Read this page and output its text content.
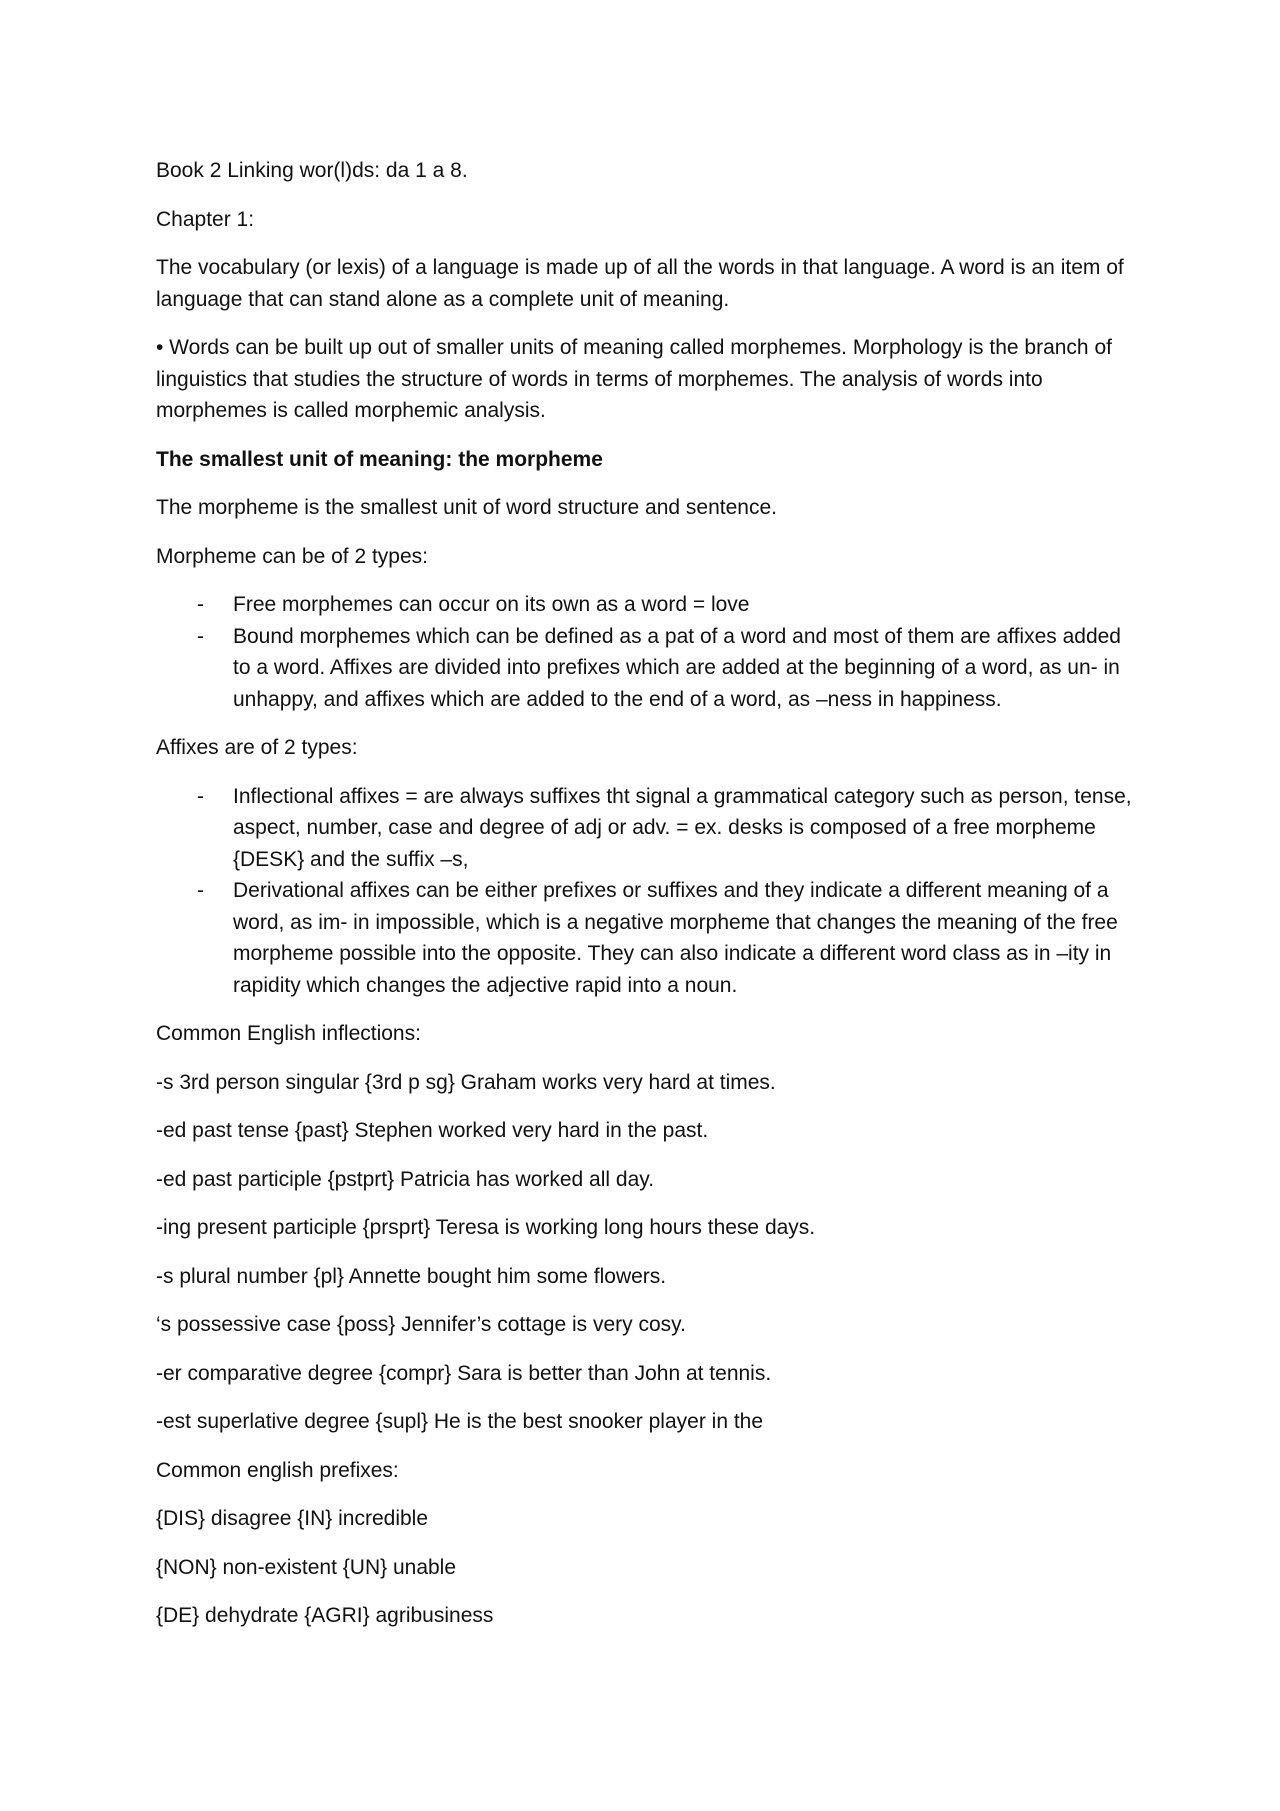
Book 2 Linking wor(l)ds: da 1 a 8.

Chapter 1:

The vocabulary (or lexis) of a language is made up of all the words in that language. A word is an item of language that can stand alone as a complete unit of meaning.

• Words can be built up out of smaller units of meaning called morphemes. Morphology is the branch of linguistics that studies the structure of words in terms of morphemes. The analysis of words into morphemes is called morphemic analysis.

The smallest unit of meaning: the morpheme

The morpheme is the smallest unit of word structure and sentence.

Morpheme can be of 2 types:

- Free morphemes can occur on its own as a word = love
- Bound morphemes which can be defined as a pat of a word and most of them are affixes added to a word. Affixes are divided into prefixes which are added at the beginning of a word, as un- in unhappy, and affixes which are added to the end of a word, as –ness in happiness.

Affixes are of 2 types:

- Inflectional affixes = are always suffixes tht signal a grammatical category such as person, tense, aspect, number, case and degree of adj or adv. = ex. desks is composed of a free morpheme {DESK} and the suffix –s,
- Derivational affixes can be either prefixes or suffixes and they indicate a different meaning of a word, as im- in impossible, which is a negative morpheme that changes the meaning of the free morpheme possible into the opposite. They can also indicate a different word class as in –ity in rapidity which changes the adjective rapid into a noun.

Common English inflections:

-s 3rd person singular {3rd p sg} Graham works very hard at times.

-ed past tense {past} Stephen worked very hard in the past.

-ed past participle {pstprt} Patricia has worked all day.

-ing present participle {prsprt} Teresa is working long hours these days.

-s plural number {pl} Annette bought him some flowers.

‘s possessive case {poss} Jennifer’s cottage is very cosy.

-er comparative degree {compr} Sara is better than John at tennis.

-est superlative degree {supl} He is the best snooker player in the

Common english prefixes:

{DIS} disagree {IN} incredible

{NON} non-existent {UN} unable

{DE} dehydrate {AGRI} agribusiness
